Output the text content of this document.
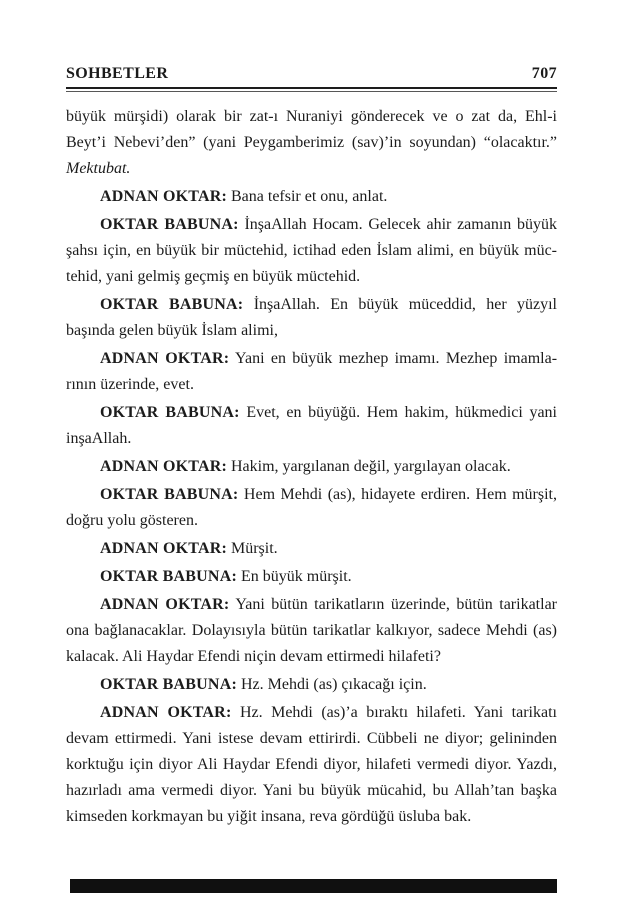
SOHBETLER	707

büyük mürşidi) olarak bir zat-ı Nuraniyi gönderecek ve o zat da, Ehl-i Beyt’i Nebevi’den” (yani Peygamberimiz (sav)’in soyundan) “olacaktır.” Mektubat.

ADNAN OKTAR: Bana tefsir et onu, anlat.

OKTAR BABUNA: İnşaAllah Hocam. Gelecek ahir zamanın büyük şahsı için, en büyük bir müctehid, ictihad eden İslam alimi, en büyük müctehid, yani gelmiş geçmiş en büyük müctehid.

OKTAR BABUNA: İnşaAllah. En büyük müceddid, her yüzyıl başında gelen büyük İslam alimi,

ADNAN OKTAR: Yani en büyük mezhep imamı. Mezhep imamlarının üzerinde, evet.

OKTAR BABUNA: Evet, en büyüğü. Hem hakim, hükmedici yani inşaAllah.

ADNAN OKTAR: Hakim, yargılanan değil, yargılayan olacak.

OKTAR BABUNA: Hem Mehdi (as), hidayete erdiren. Hem mürşit, doğru yolu gösteren.

ADNAN OKTAR: Mürşit.

OKTAR BABUNA: En büyük mürşit.

ADNAN OKTAR: Yani bütün tarikatların üzerinde, bütün tarikatlar ona bağlanacaklar. Dolayısıyla bütün tarikatlar kalkıyor, sadece Mehdi (as) kalacak. Ali Haydar Efendi niçin devam ettirmedi hilafeti?

OKTAR BABUNA: Hz. Mehdi (as) çıkacağı için.

ADNAN OKTAR: Hz. Mehdi (as)’a bıraktı hilafeti. Yani tarikatı devam ettirmedi. Yani istese devam ettirirdi. Cübbeli ne diyor; gelininden korktuğu için diyor Ali Haydar Efendi diyor, hilafeti vermedi diyor. Yazdı, hazırladı ama vermedi diyor. Yani bu büyük mücahid, bu Allah’tan başka kimseden korkmayan bu yiğit insana, reva gördüğü üsluba bak.
